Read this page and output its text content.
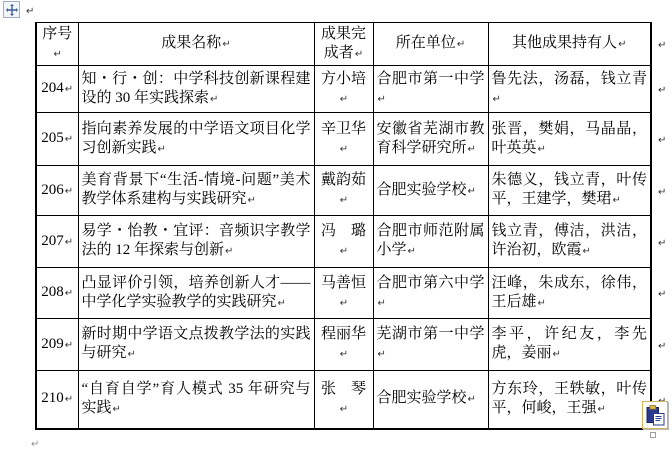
↵
序号 ↵	成果名称 ↵	成果完成者 ↵	所在单位 ↵	其他成果持有人 ↵
204 ↵	知・行・创：中学科技创新课程建设的 30 年实践探索 ↵	方小培 ↵	合肥市第一中学 ↵	鲁先法，汤磊，钱立青 ↵
205 ↵	指向素养发展的中学语文项目化学习创新实践 ↵	辛卫华 ↵	安徽省芜湖市教育科学研究所 ↵	张晋，樊娟，马晶晶，叶英英 ↵
206 ↵	美育背景下“生活-情境-问题”美术教学体系建构与实践研究 ↵	戴韵茹 ↵	合肥实验学校 ↵	朱德义，钱立青，叶传平，王建学，樊珺 ↵
207 ↵	易学・怡教・宜评：音频识字教学法的 12 年探索与创新 ↵	冯　璐 ↵	合肥市师范附属小学 ↵	钱立青，傅洁，洪洁，许治初，欧霞 ↵
208 ↵	凸显评价引领，培养创新人才——中学化学实验教学的实践研究 ↵	马善恒 ↵	合肥市第六中学 ↵	汪峰，朱成东，徐伟，王后雄 ↵
209 ↵	新时期中学语文点拨教学法的实践与研究 ↵	程丽华 ↵	芜湖市第一中学 ↵	李平，许纪友，李先虎，姜丽 ↵
210 ↵	“自育自学”育人模式 35 年研究与实践 ↵	张　琴 ↵	合肥实验学校 ↵	方东玲，王轶敏，叶传平，何峻，王强 ↵
↵
↵
↵
↵
↵
↵
↵
↵
↵
